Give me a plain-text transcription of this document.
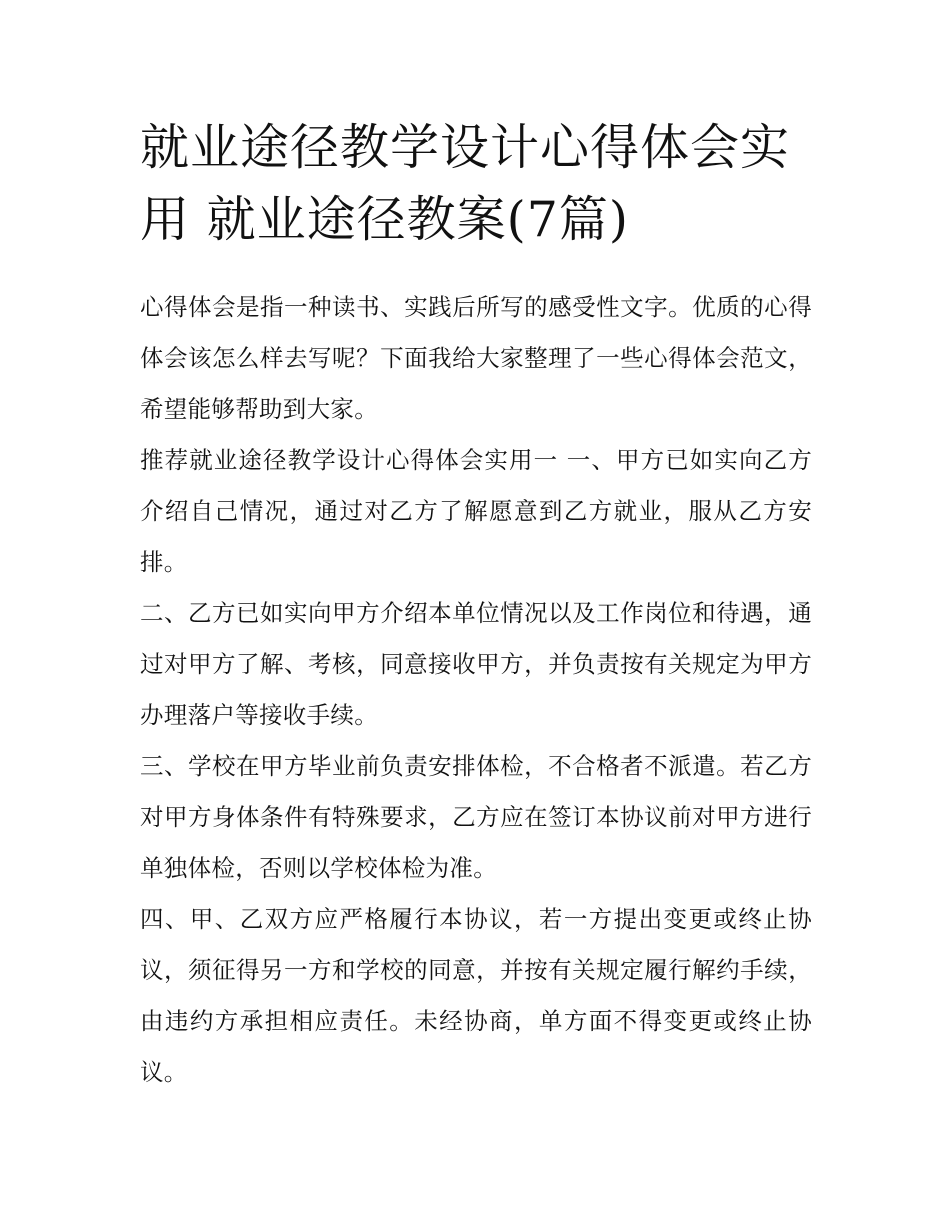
就业途径教学设计心得体会实用 就业途径教案(7篇)

心得体会是指一种读书、实践后所写的感受性文字。优质的心得体会该怎么样去写呢？下面我给大家整理了一些心得体会范文，希望能够帮助到大家。

推荐就业途径教学设计心得体会实用一 一、甲方已如实向乙方介绍自己情况，通过对乙方了解愿意到乙方就业，服从乙方安排。

二、乙方已如实向甲方介绍本单位情况以及工作岗位和待遇，通过对甲方了解、考核，同意接收甲方，并负责按有关规定为甲方办理落户等接收手续。

三、学校在甲方毕业前负责安排体检，不合格者不派遣。若乙方对甲方身体条件有特殊要求，乙方应在签订本协议前对甲方进行单独体检，否则以学校体检为准。

四、甲、乙双方应严格履行本协议，若一方提出变更或终止协议，须征得另一方和学校的同意，并按有关规定履行解约手续，由违约方承担相应责任。未经协商，单方面不得变更或终止协议。
